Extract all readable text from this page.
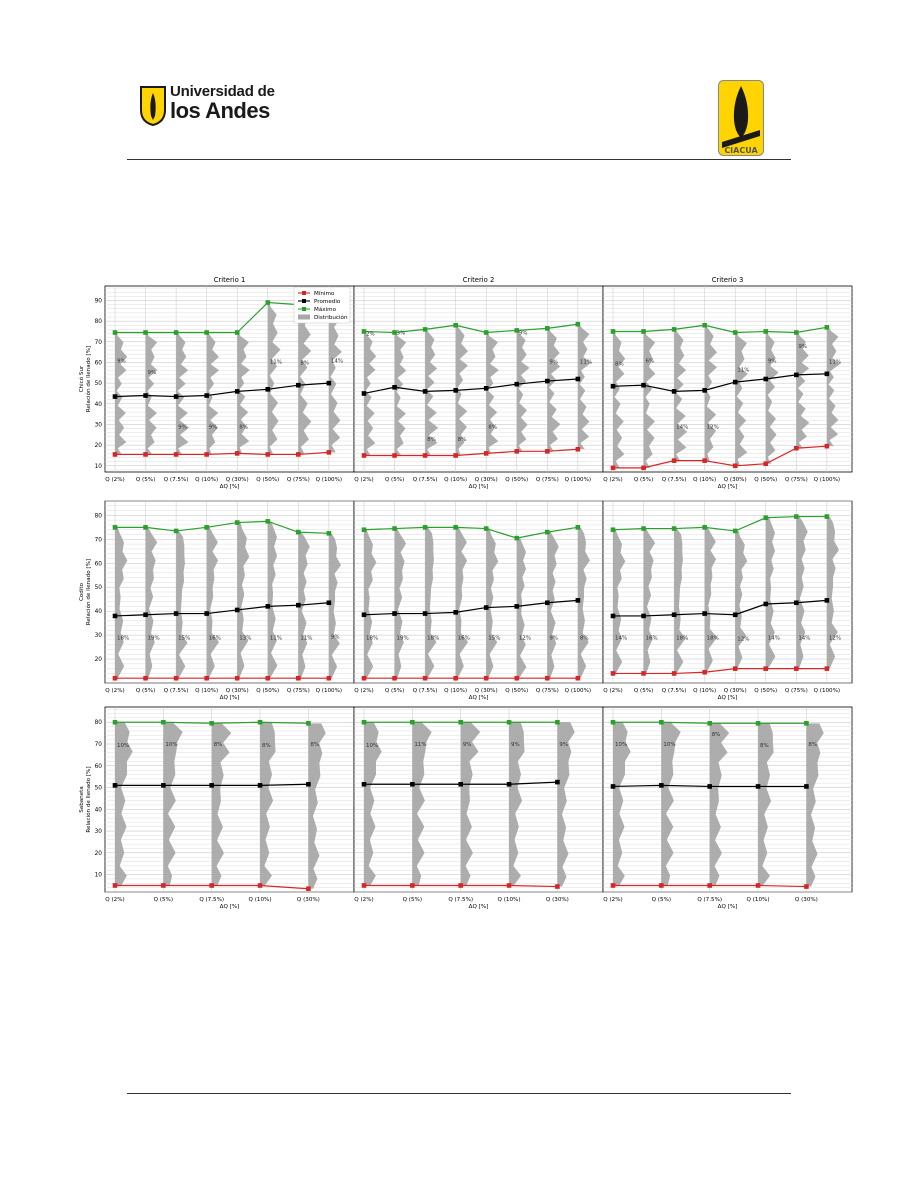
Universidad de
los Andes
CIACUA
9%
9%
9%	9%	8%
11%	8%	14%
Q (2%) Q (5%) Q (7.5%) Q (10%) Q (30%) Q (50%) Q (75%) Q (100%)
ΔQ [%]
10
20
30
40
50
60
70
80
90
Chicó Sur Relación de llenado [%]
Criterio 1
2%	3%
8%	8%
8%
9%
9%	11%
Q (2%) Q (5%) Q (7.5%) Q (10%) Q (30%) Q (50%) Q (75%) Q (100%)
ΔQ [%]
Criterio 2
8%
6%
14%	12%
11%
9%
9%
11%
Q (2%) Q (5%) Q (7.5%) Q (10%) Q (30%) Q (50%) Q (75%) Q (100%)
ΔQ [%]
Criterio 3
18%	19%	15%	16%	13%	11%	11%	9%
Q (2%) Q (5%) Q (7.5%) Q (10%) Q (30%) Q (50%) Q (75%) Q (100%)
ΔQ [%]
20
30
40
50
60
70
80
Codito Relación de llenado [%]
18%	19%	18%	16%	15%	12%	9%	8%
Q (2%) Q (5%) Q (7.5%) Q (10%) Q (30%) Q (50%) Q (75%) Q (100%)
ΔQ [%]
14%	16%	18%	18%	12%	14%	14%	12%
Q (2%) Q (5%) Q (7.5%) Q (10%) Q (30%) Q (50%) Q (75%) Q (100%)
ΔQ [%]
10%	10%	8%	8%	8%
Q (2%)	Q (5%)	Q (7.5%)	Q (10%)	Q (30%)
ΔQ [%]
10
20
30
40
50
60
70
80
Sabaneta Relación de llenado [%]
10%	11%	9%	9%	9%
Q (2%)	Q (5%)	Q (7.5%)	Q (10%)	Q (30%)
ΔQ [%]
10%	10%
8%
8%	8%
Q (2%)	Q (5%)	Q (7.5%)	Q (10%)	Q (30%)
ΔQ [%]
Mínimo
Promedio
Máximo
Distribución
